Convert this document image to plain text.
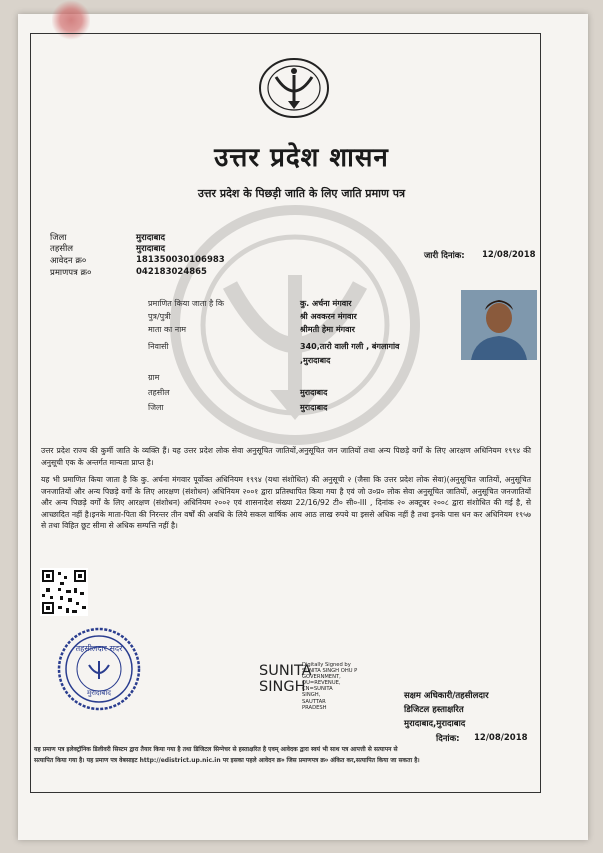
उत्तर प्रदेश शासन
उत्तर प्रदेश के पिछड़ी जाति के लिए जाति प्रमाण पत्र
जिला	मुरादाबाद
तहसील	मुरादाबाद
आवेदन क्र०	181350030106983
प्रमाणपत्र क्र०	042183024865
जारी दिनांक: 12/08/2018
प्रमाणित किया जाता है कि	कु. अर्चना मंगवार
पुत्र/पुत्री	श्री अवकरन मंगवार
माता का नाम	श्रीमती हेमा मंगवार
निवासी	340,तारो वाली गली , बंगलागांव
,मुरादाबाद
ग्राम
तहसील	मुरादाबाद
जिला	मुरादाबाद
उत्तर प्रदेश राज्य की कुर्मी जाति के व्यक्ति हैं। यह उत्तर प्रदेश लोक सेवा अनुसूचित जातियों,अनुसूचित जन जातियों तथा अन्य पिछड़े वर्गों के लिए आरक्षण अधिनियम १९९४ की अनुसूची एक के अन्तर्गत मान्यता प्राप्त है।
यह भी प्रमाणित किया जाता है कि कु. अर्चना मंगवार पूर्वोक्त अधिनियम १९९४ (यथा संशोधित) की अनुसूची २ (जैसा कि उत्तर प्रदेश लोक सेवा)(अनुसूचित जातियों, अनुसूचित जनजातियों और अन्य पिछड़े वर्गों के लिए आरक्षण (संशोधन) अधिनियम २००१ द्वारा प्रतिस्थापित किया गया है एवं जो उ०प्र० लोक सेवा अनुसूचित जातियों, अनुसूचित जनजातियों और अन्य पिछड़े वर्गों के लिए आरक्षण (संशोधन) अधिनियम २००२ एवं शासनादेश संख्या 22/16/92 टी० सी०-III , दिनांक २० अक्टूबर २००८ द्वारा संशोधित की गई है, से आच्छादित नहीं है।इनके माता-पिता की निरन्तर तीन वर्षों की अवधि के लिये सकल वार्षिक आय आठ लाख रुपये या इससे अधिक नहीं है तथा इनके पास धन कर अधिनियम १९५७ से तथा विहित छूट सीमा से अधिक सम्पत्ति नहीं है।
तहसीलदार सदर
मुरादाबाद
SUNITA
SINGH
Digitally Signed by
SUNITA SINGH OHU P
GOVERNMENT,
OU=REVENUE,
CN=SUNITA
SINGH,
SAUTTAR
PRADESH
सक्षम अधिकारी/तहसीलदार
डिजिटल हस्ताक्षरित
मुरादाबाद,मुरादाबाद
दिनांक: 12/08/2018
यह प्रमाण पत्र इलेक्ट्रॉनिक डिलीवरी सिस्टम द्वारा तैयार किया गया है तथा डिजिटल सिग्नेचर से हस्ताक्षरित है एवम् आवेदक द्वारा स्वयं भी साथ पत्र आपत्ती से सत्यापन से
सत्यापित किया गया है। यह प्रमाण पत्र वेबसाइट http://edistrict.up.nic.in पर इसका पहले आवेदन क्र० जिस प्रमाणपत्र क्र० अंकित कर,सत्यापित किया जा सकता है।
